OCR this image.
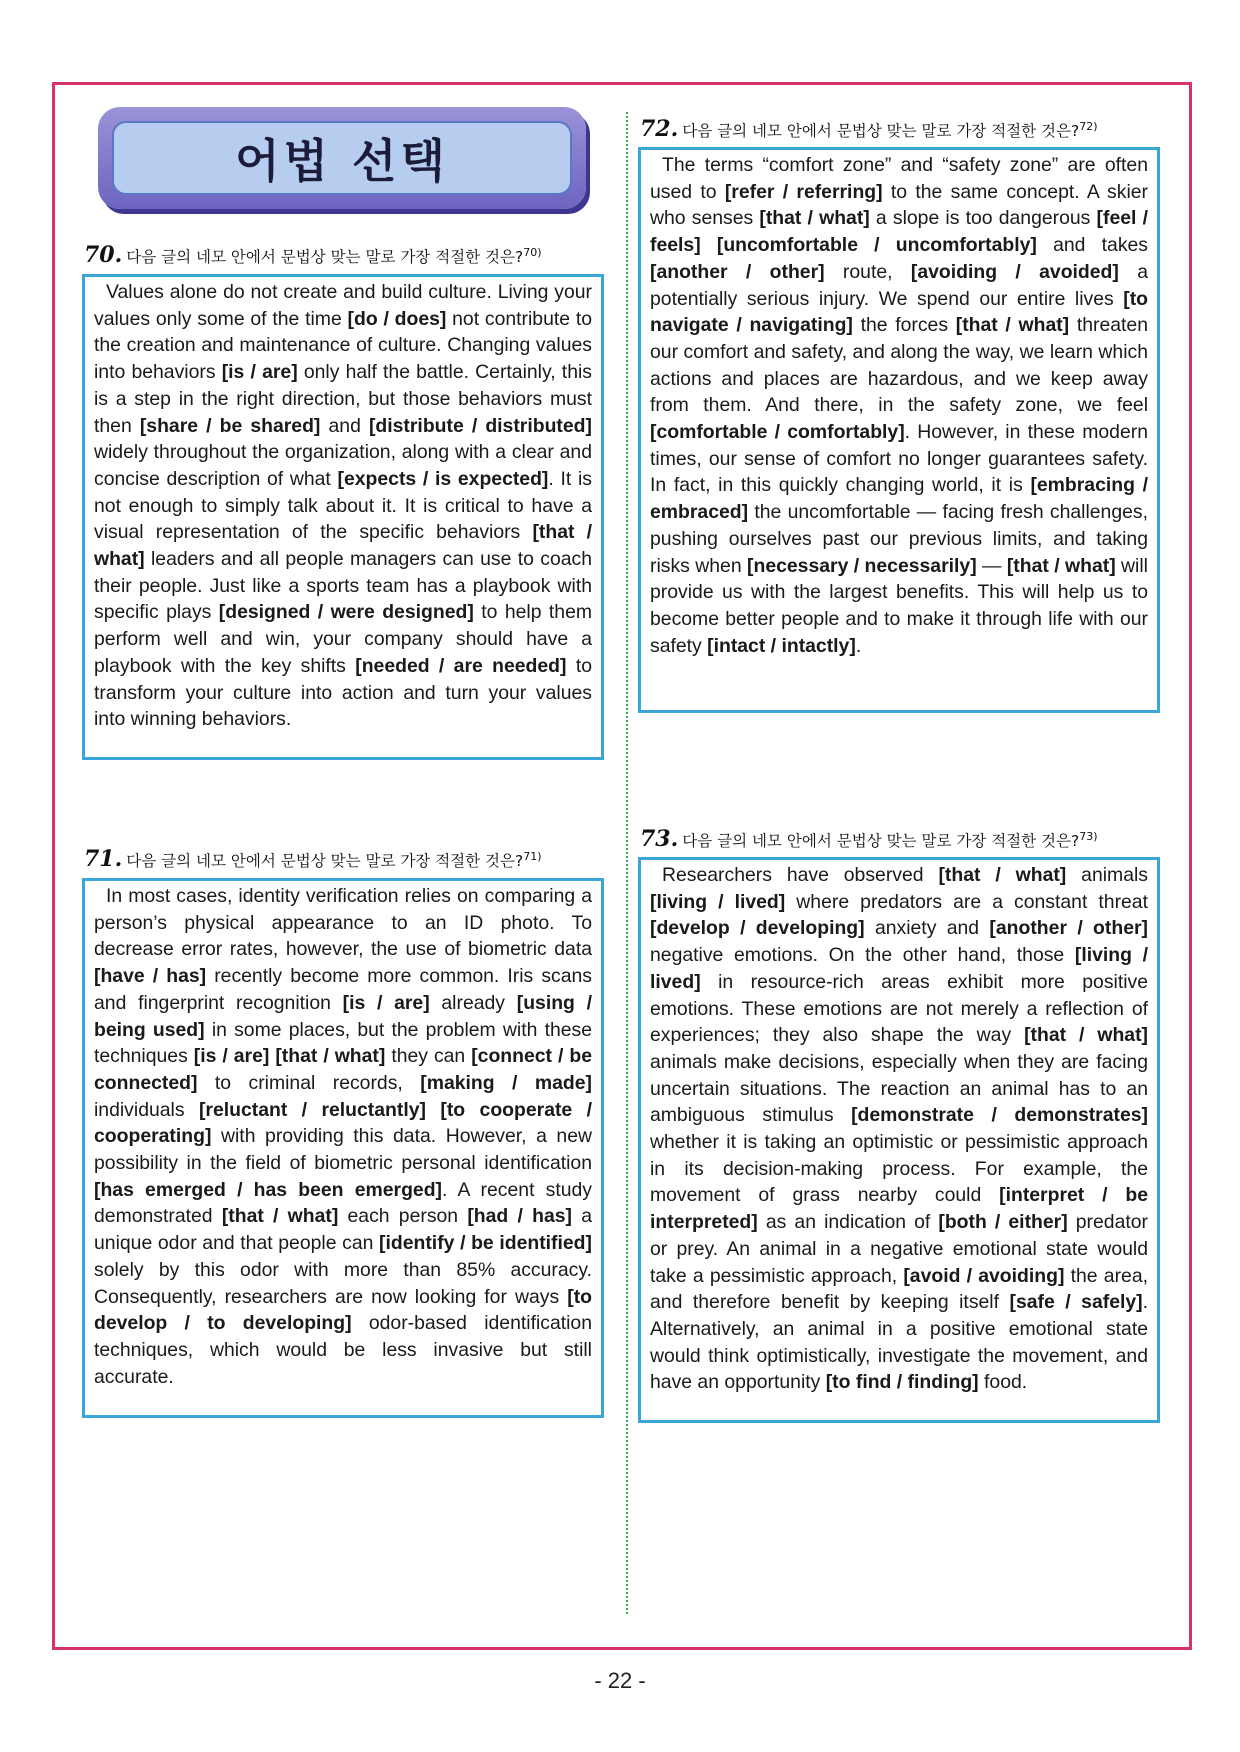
어법 선택
70. 다음 글의 네모 안에서 문법상 맞는 말로 가장 적절한 것은?$^{70)}$
Values alone do not create and build culture. Living your values only some of the time [do / does] not contribute to the creation and maintenance of culture. Changing values into behaviors [is / are] only half the battle. Certainly, this is a step in the right direction, but those behaviors must then [share / be shared] and [distribute / distributed] widely throughout the organization, along with a clear and concise description of what [expects / is expected]. It is not enough to simply talk about it. It is critical to have a visual representation of the specific behaviors [that / what] leaders and all people managers can use to coach their people. Just like a sports team has a playbook with specific plays [designed / were designed] to help them perform well and win, your company should have a playbook with the key shifts [needed / are needed] to transform your culture into action and turn your values into winning behaviors.
71. 다음 글의 네모 안에서 문법상 맞는 말로 가장 적절한 것은?$^{71)}$
In most cases, identity verification relies on comparing a person’s physical appearance to an ID photo. To decrease error rates, however, the use of biometric data [have / has] recently become more common. Iris scans and fingerprint recognition [is / are] already [using / being used] in some places, but the problem with these techniques [is / are] [that / what] they can [connect / be connected] to criminal records, [making / made] individuals [reluctant / reluctantly] [to cooperate / cooperating] with providing this data. However, a new possibility in the field of biometric personal identification [has emerged / has been emerged]. A recent study demonstrated [that / what] each person [had / has] a unique odor and that people can [identify / be identified] solely by this odor with more than 85% accuracy. Consequently, researchers are now looking for ways [to develop / to developing] odor-based identification techniques, which would be less invasive but still accurate.
72. 다음 글의 네모 안에서 문법상 맞는 말로 가장 적절한 것은?$^{72)}$
The terms “comfort zone” and “safety zone” are often used to [refer / referring] to the same concept. A skier who senses [that / what] a slope is too dangerous [feel / feels] [uncomfortable / uncomfortably] and takes [another / other] route, [avoiding / avoided] a potentially serious injury. We spend our entire lives [to navigate / navigating] the forces [that / what] threaten our comfort and safety, and along the way, we learn which actions and places are hazardous, and we keep away from them. And there, in the safety zone, we feel [comfortable / comfortably]. However, in these modern times, our sense of comfort no longer guarantees safety. In fact, in this quickly changing world, it is [embracing / embraced] the uncomfortable — facing fresh challenges, pushing ourselves past our previous limits, and taking risks when [necessary / necessarily] — [that / what] will provide us with the largest benefits. This will help us to become better people and to make it through life with our safety [intact / intactly].
73. 다음 글의 네모 안에서 문법상 맞는 말로 가장 적절한 것은?$^{73)}$
Researchers have observed [that / what] animals [living / lived] where predators are a constant threat [develop / developing] anxiety and [another / other] negative emotions. On the other hand, those [living / lived] in resource-rich areas exhibit more positive emotions. These emotions are not merely a reflection of experiences; they also shape the way [that / what] animals make decisions, especially when they are facing uncertain situations. The reaction an animal has to an ambiguous stimulus [demonstrate / demonstrates] whether it is taking an optimistic or pessimistic approach in its decision-making process. For example, the movement of grass nearby could [interpret / be interpreted] as an indication of [both / either] predator or prey. An animal in a negative emotional state would take a pessimistic approach, [avoid / avoiding] the area, and therefore benefit by keeping itself [safe / safely]. Alternatively, an animal in a positive emotional state would think optimistically, investigate the movement, and have an opportunity [to find / finding] food.
- 22 -
